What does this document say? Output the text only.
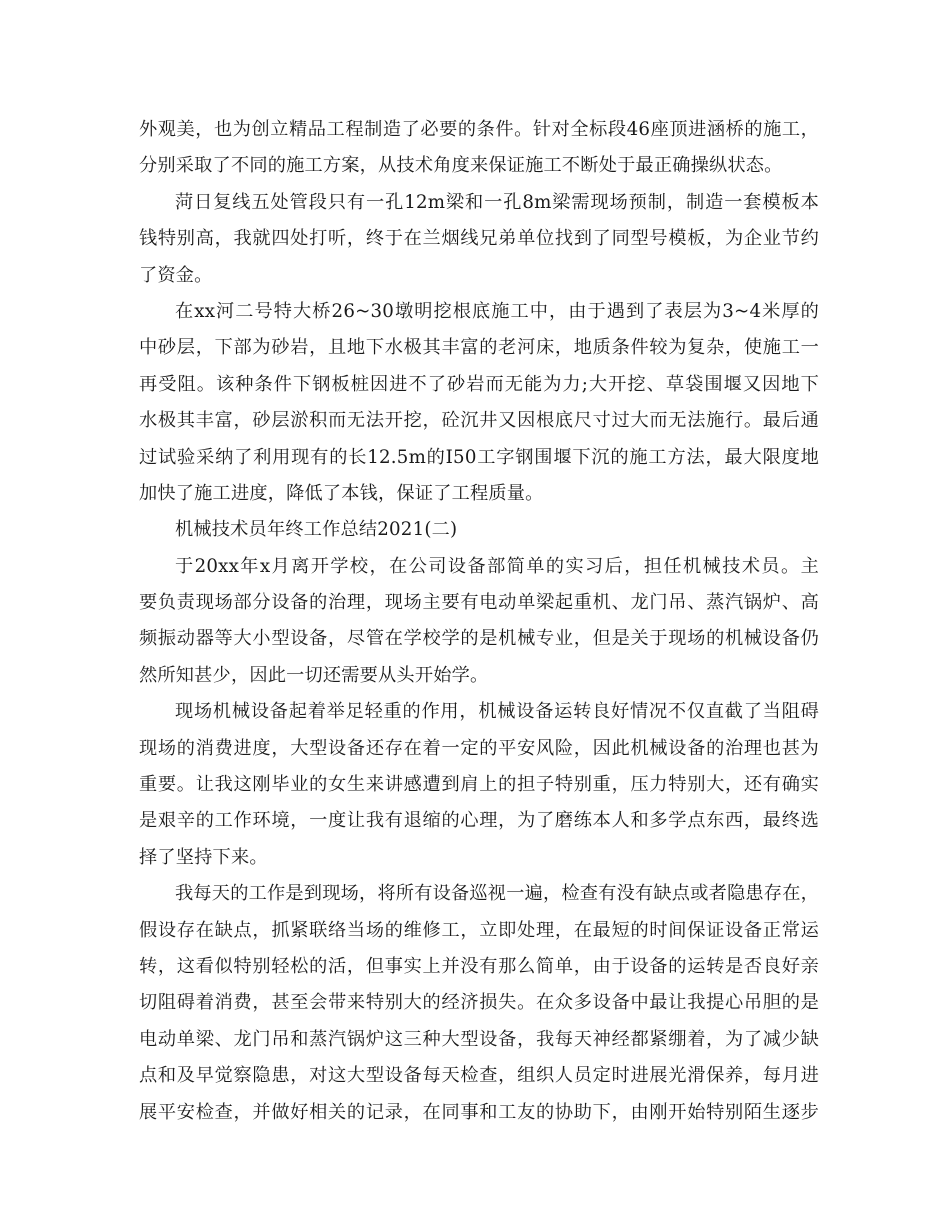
外观美，也为创立精品工程制造了必要的条件。针对全标段46座顶进涵桥的施工，
分别采取了不同的施工方案，从技术角度来保证施工不断处于最正确操纵状态。
菏日复线五处管段只有一孔12m梁和一孔8m梁需现场预制，制造一套模板本
钱特别高，我就四处打听，终于在兰烟线兄弟单位找到了同型号模板，为企业节约
了资金。
在xx河二号特大桥26~30墩明挖根底施工中，由于遇到了表层为3~4米厚的
中砂层，下部为砂岩，且地下水极其丰富的老河床，地质条件较为复杂，使施工一
再受阻。该种条件下钢板桩因进不了砂岩而无能为力;大开挖、草袋围堰又因地下
水极其丰富，砂层淤积而无法开挖，砼沉井又因根底尺寸过大而无法施行。最后通
过试验采纳了利用现有的长12.5m的I50工字钢围堰下沉的施工方法，最大限度地
加快了施工进度，降低了本钱，保证了工程质量。
机械技术员年终工作总结2021(二)
于20xx年x月离开学校，在公司设备部简单的实习后，担任机械技术员。主
要负责现场部分设备的治理，现场主要有电动单梁起重机、龙门吊、蒸汽锅炉、高
频振动器等大小型设备，尽管在学校学的是机械专业，但是关于现场的机械设备仍
然所知甚少，因此一切还需要从头开始学。
现场机械设备起着举足轻重的作用，机械设备运转良好情况不仅直截了当阻碍
现场的消费进度，大型设备还存在着一定的平安风险，因此机械设备的治理也甚为
重要。让我这刚毕业的女生来讲感遭到肩上的担子特别重，压力特别大，还有确实
是艰辛的工作环境，一度让我有退缩的心理，为了磨练本人和多学点东西，最终选
择了坚持下来。
我每天的工作是到现场，将所有设备巡视一遍，检查有没有缺点或者隐患存在，
假设存在缺点，抓紧联络当场的维修工，立即处理，在最短的时间保证设备正常运
转，这看似特别轻松的活，但事实上并没有那么简单，由于设备的运转是否良好亲
切阻碍着消费，甚至会带来特别大的经济损失。在众多设备中最让我提心吊胆的是
电动单梁、龙门吊和蒸汽锅炉这三种大型设备，我每天神经都紧绷着，为了减少缺
点和及早觉察隐患，对这大型设备每天检查，组织人员定时进展光滑保养，每月进
展平安检查，并做好相关的记录，在同事和工友的协助下，由刚开始特别陌生逐步
